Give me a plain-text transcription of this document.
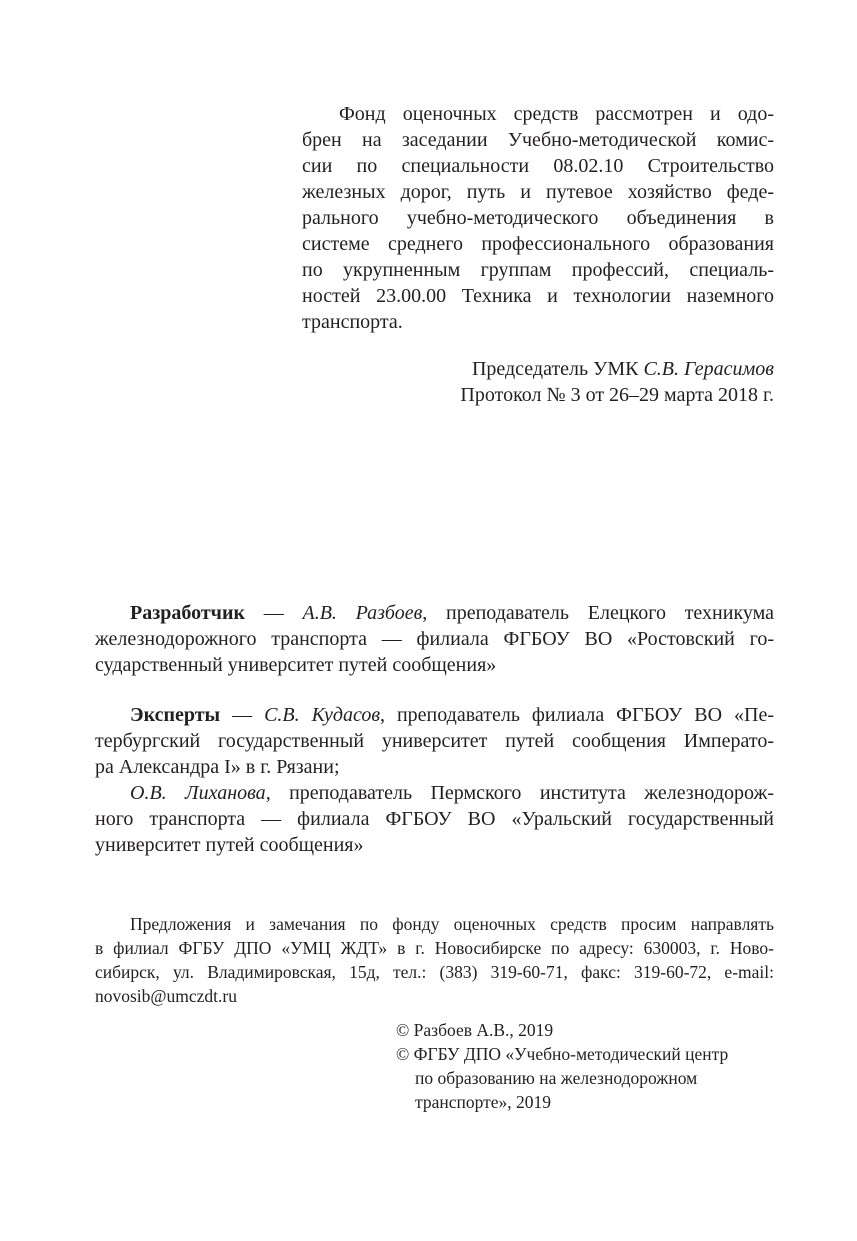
Фонд оценочных средств рассмотрен и одо-
брен на заседании Учебно-методической комис-
сии по специальности 08.02.10 Строительство
железных дорог, путь и путевое хозяйство феде-
рального учебно-методического объединения в
системе среднего профессионального образования
по укрупненным группам профессий, специаль-
ностей 23.00.00 Техника и технологии наземного
транспорта.
Председатель УМК С.В. Герасимов
Протокол № 3 от 26–29 марта 2018 г.
Разработчик — А.В. Разбоев, преподаватель Елецкого техникума
железнодорожного транспорта — филиала ФГБОУ ВО «Ростовский го-
сударственный университет путей сообщения»
Эксперты — С.В. Кудасов, преподаватель филиала ФГБОУ ВО «Пе-
тербургский государственный университет путей сообщения Императо-
ра Александра I» в г. Рязани;
О.В. Лиханова, преподаватель Пермского института железнодорож-
ного транспорта — филиала ФГБОУ ВО «Уральский государственный
университет путей сообщения»
Предложения и замечания по фонду оценочных средств просим направлять
в филиал ФГБУ ДПО «УМЦ ЖДТ» в г. Новосибирске по адресу: 630003, г. Ново-
сибирск, ул. Владимировская, 15д, тел.: (383) 319-60-71, факс: 319-60-72, e-mail:
novosib@umczdt.ru
© Разбоев А.В., 2019
© ФГБУ ДПО «Учебно-методический центр
по образованию на железнодорожном
транспорте», 2019
